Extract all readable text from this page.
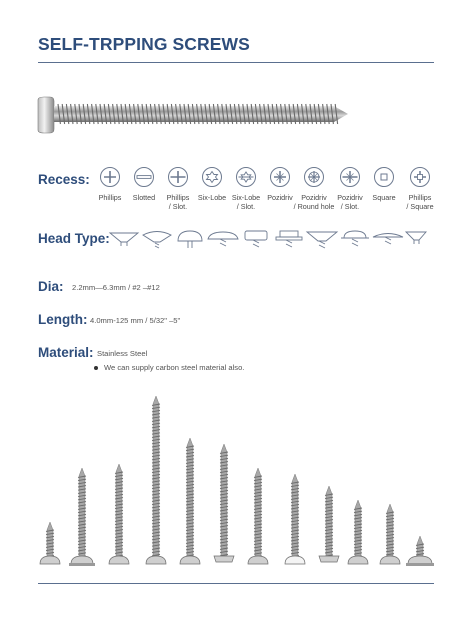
SELF-TRPPING SCREWS
Recess:
Phillips	Slotted	Phillips
/ Slot.
Six-Lobe Six-Lobe
/ Slot.
Pozidriv	Pozidriv
/ Round hole
Pozidriv
/ Slot.
Square	Phillips
/ Square
Head Type:
Dia: 2.2mm—6.3mm / #2 –#12
Length: 4.0mm-125 mm / 5/32" –5"
Material: Stainless Steel
We can supply carbon steel material also.
